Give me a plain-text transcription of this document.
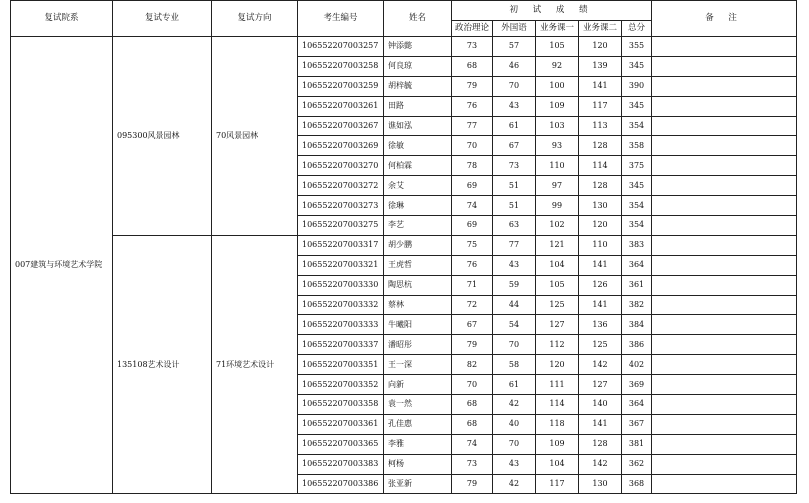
复试院系	复试专业	复试方向	考生编号	姓名	初 试 成 绩					备 注
					政治理论	外国语	业务课一	业务课二	总分	
007建筑与环境艺术学院	095300风景园林	70风景园林	106552207003257	钟添懿	73	57	105	120	355	
			106552207003258	何良琼	68	46	92	139	345	
			106552207003259	胡梓毓	79	70	100	141	390	
			106552207003261	田路	76	43	109	117	345	
			106552207003267	谯如泓	77	61	103	113	354	
			106552207003269	徐敏	70	67	93	128	358	
			106552207003270	何柏霖	78	73	110	114	375	
			106552207003272	余艾	69	51	97	128	345	
			106552207003273	徐琳	74	51	99	130	354	
			106552207003275	李艺	69	63	102	120	354	
	135108艺术设计	71环境艺术设计	106552207003317	胡少鹏	75	77	121	110	383	
			106552207003321	王虎哲	76	43	104	141	364	
			106552207003330	陶思杭	71	59	105	126	361	
			106552207003332	蔡林	72	44	125	141	382	
			106552207003333	牛曦阳	67	54	127	136	384	
			106552207003337	潘昭彤	79	70	112	125	386	
			106552207003351	王一深	82	58	120	142	402	
			106552207003352	向新	70	61	111	127	369	
			106552207003358	袁一然	68	42	114	140	364	
			106552207003361	孔佳惠	68	40	118	141	367	
			106552207003365	李雅	74	70	109	128	381	
			106552207003383	柯杨	73	43	104	142	362	
			106552207003386	张亚新	79	42	117	130	368	
